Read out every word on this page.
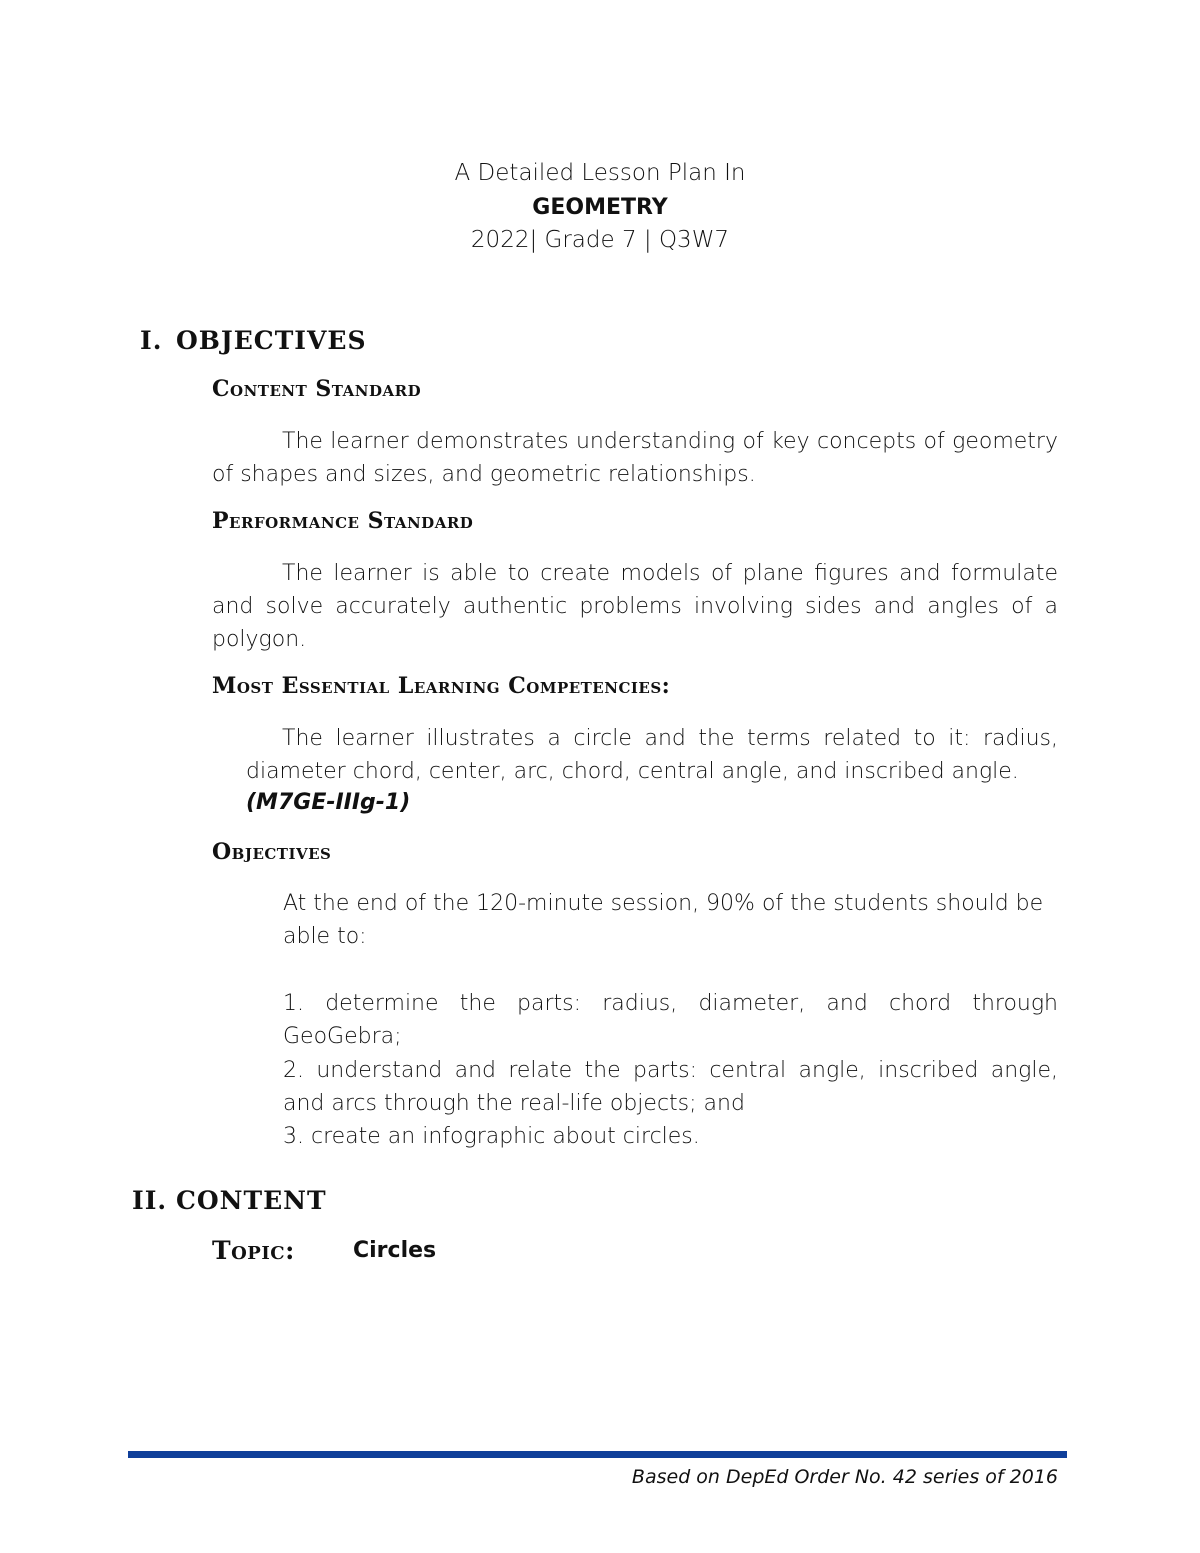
A Detailed Lesson Plan In
GEOMETRY
2022| Grade 7 | Q3W7
I. OBJECTIVES
Content Standard
The learner demonstrates understanding of key concepts of geometry of shapes and sizes, and geometric relationships.
Performance Standard
The learner is able to create models of plane figures and formulate and solve accurately authentic problems involving sides and angles of a polygon.
Most Essential Learning Competencies:
The learner illustrates a circle and the terms related to it: radius, diameter chord, center, arc, chord, central angle, and inscribed angle.
(M7GE-IIIg-1)
Objectives
At the end of the 120-minute session, 90% of the students should be able to:
1. determine the parts: radius, diameter, and chord through GeoGebra;
2. understand and relate the parts: central angle, inscribed angle, and arcs through the real-life objects; and
3. create an infographic about circles.
II. CONTENT
Topic:	Circles
Based on DepEd Order No. 42 series of 2016
